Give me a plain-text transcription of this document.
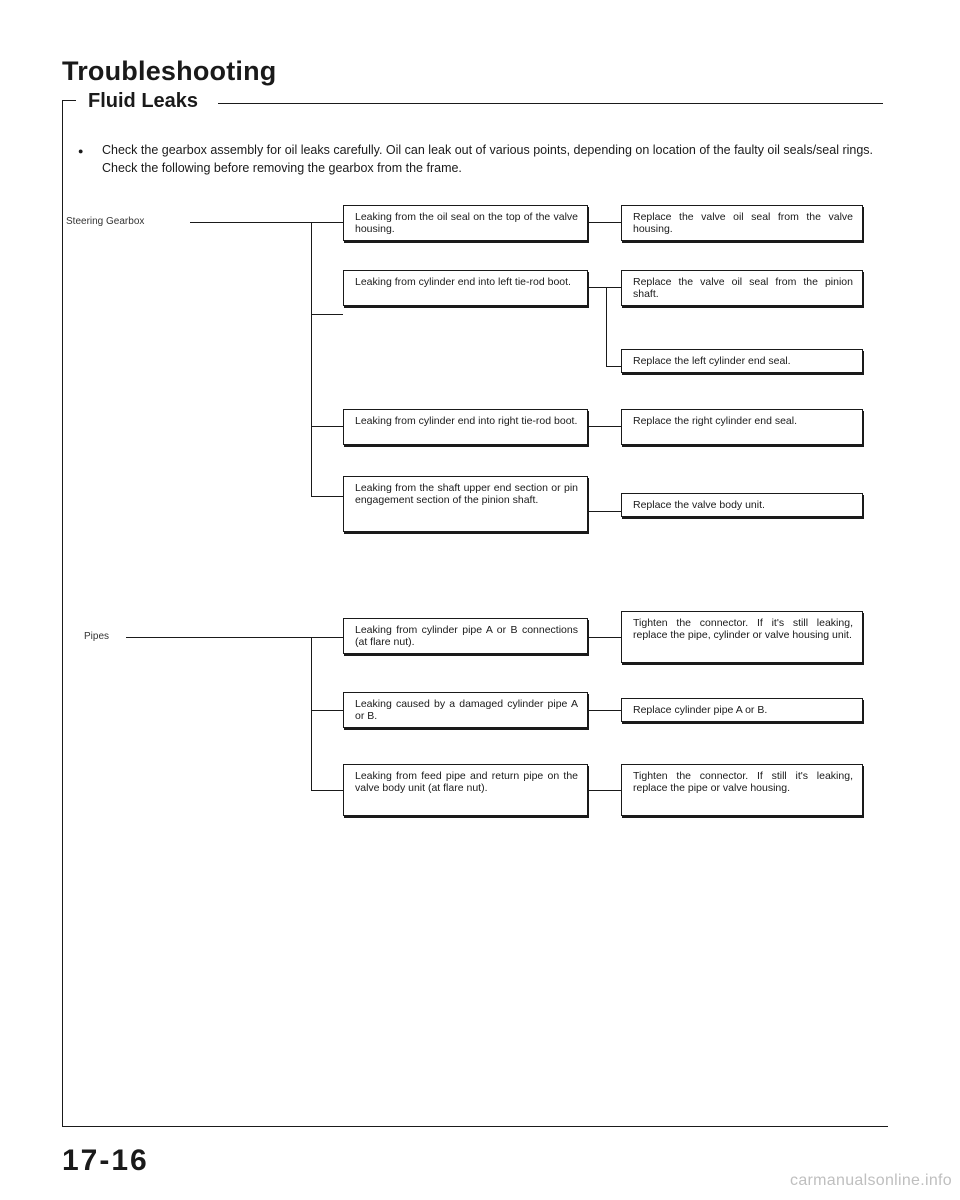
Troubleshooting
Fluid Leaks
● Check the gearbox assembly for oil leaks carefully. Oil can leak out of various points, depending on location of the faulty oil seals/seal rings. Check the following before removing the gearbox from the frame.
Steering Gearbox
Pipes
Leaking from the oil seal on the top of the valve housing.
Leaking from cylinder end into left tie-rod boot.
Leaking from cylinder end into right tie-rod boot.
Leaking from the shaft upper end section or pin engagement section of the pinion shaft.
Leaking from cylinder pipe A or B connections (at flare nut).
Leaking caused by a damaged cylinder pipe A or B.
Leaking from feed pipe and return pipe on the valve body unit (at flare nut).
Replace the valve oil seal from the valve housing.
Replace the valve oil seal from the pinion shaft.
Replace the left cylinder end seal.
Replace the right cylinder end seal.
Replace the valve body unit.
Tighten the connector. If it's still leaking, replace the pipe, cylinder or valve housing unit.
Replace cylinder pipe A or B.
Tighten the connector. If still it's leaking, replace the pipe or valve housing.
17-16
carmanualsonline.info
